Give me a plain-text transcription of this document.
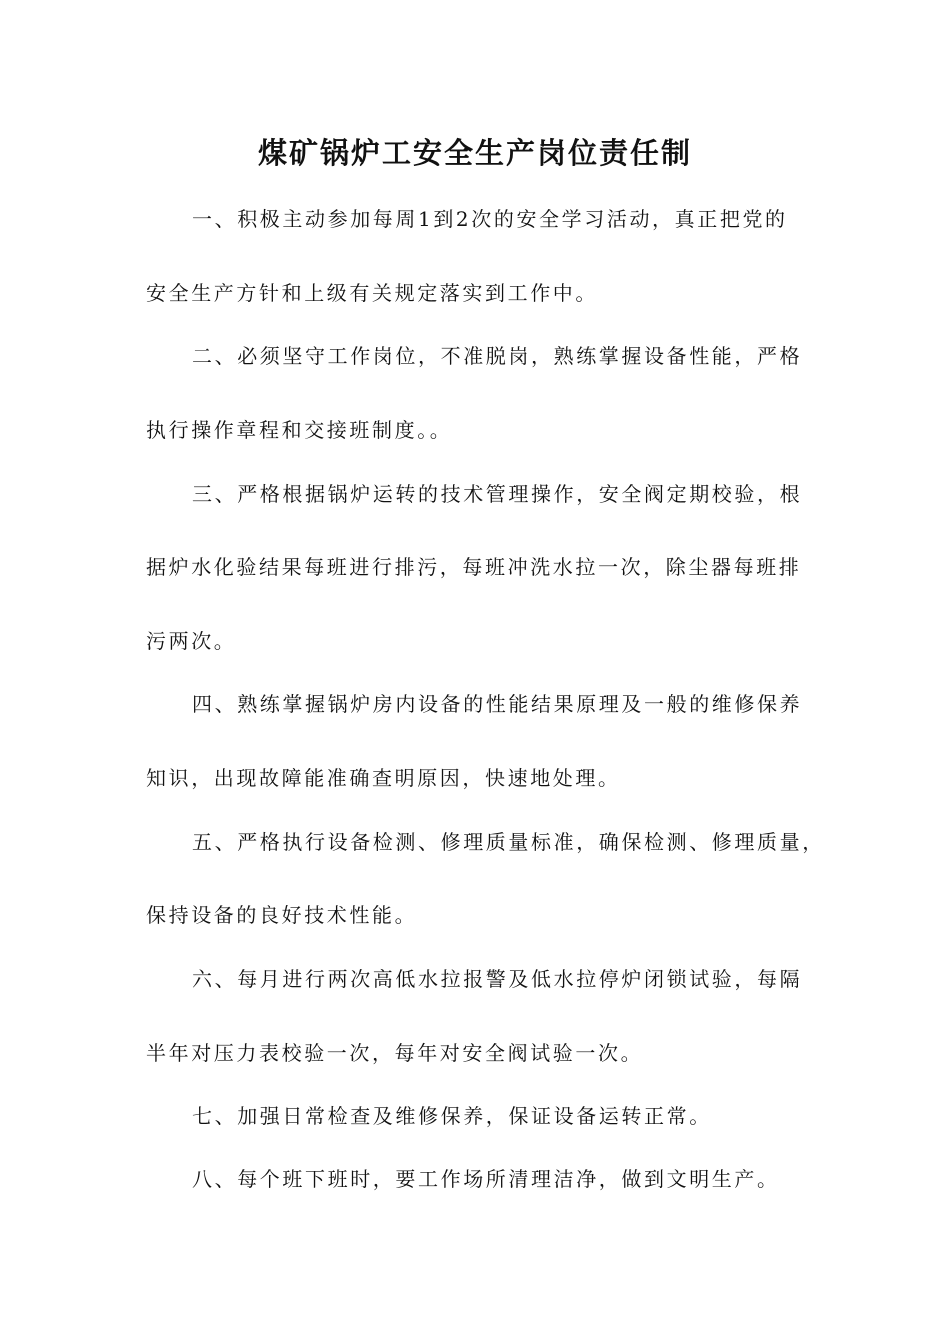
煤矿锅炉工安全生产岗位责任制

一、积极主动参加每周1到2次的安全学习活动，真正把党的

安全生产方针和上级有关规定落实到工作中。

二、必须坚守工作岗位，不准脱岗，熟练掌握设备性能，严格

执行操作章程和交接班制度。。

三、严格根据锅炉运转的技术管理操作，安全阀定期校验，根

据炉水化验结果每班进行排污，每班冲洗水拉一次，除尘器每班排

污两次。

四、熟练掌握锅炉房内设备的性能结果原理及一般的维修保养

知识，出现故障能准确查明原因，快速地处理。

五、严格执行设备检测、修理质量标准，确保检测、修理质量，

保持设备的良好技术性能。

六、每月进行两次高低水拉报警及低水拉停炉闭锁试验，每隔

半年对压力表校验一次，每年对安全阀试验一次。

七、加强日常检查及维修保养，保证设备运转正常。

八、每个班下班时，要工作场所清理洁净，做到文明生产。
